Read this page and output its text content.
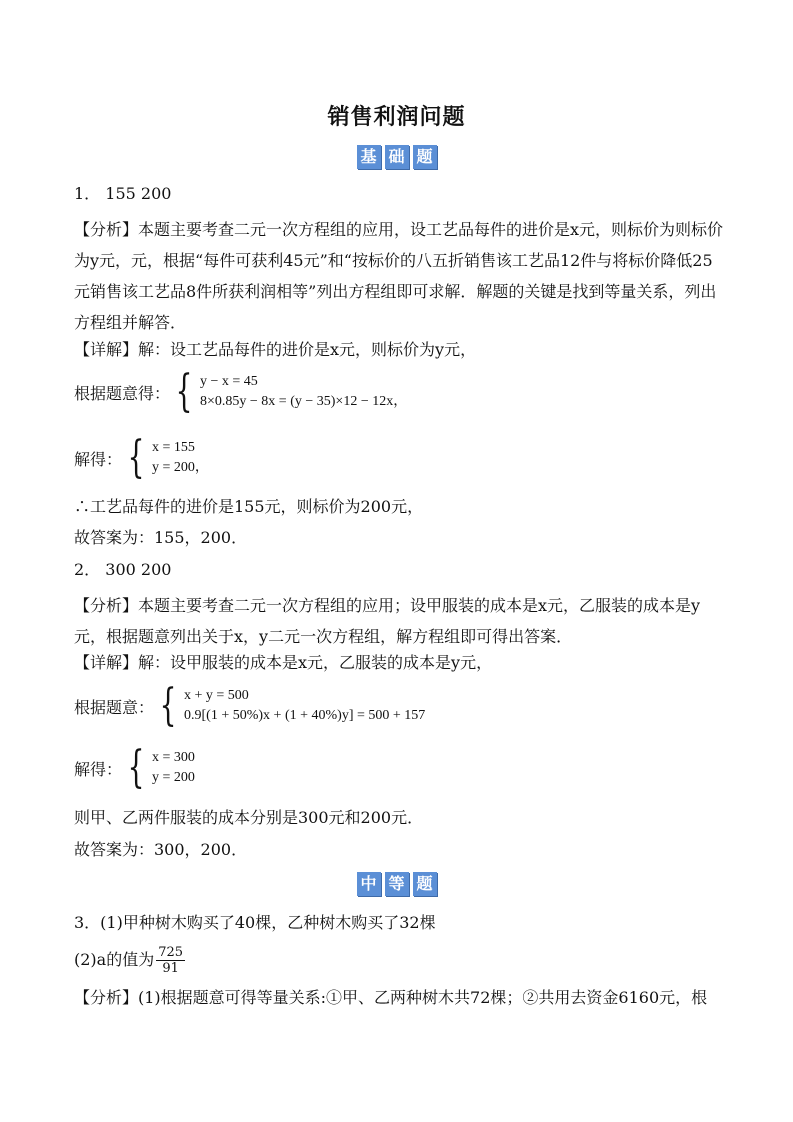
销售利润问题
基 础 题
1． 155 200
【分析】本题主要考查二元一次方程组的应用，设工艺品每件的进价是x元，则标价为则标价为y元，元，根据“每件可获利45元”和“按标价的八五折销售该工艺品12件与将标价降低25元销售该工艺品8件所获利润相等”列出方程组即可求解．解题的关键是找到等量关系，列出方程组并解答．
【详解】解：设工艺品每件的进价是x元，则标价为y元，
根据题意得： { y − x = 45
8×0.85y − 8x = (y − 35)×12 − 12x，
解得： { x = 155
y = 200，
∴工艺品每件的进价是155元，则标价为200元，
故答案为：155，200．
2． 300 200
【分析】本题主要考查二元一次方程组的应用；设甲服装的成本是x元，乙服装的成本是y元，根据题意列出关于x，y二元一次方程组，解方程组即可得出答案．
【详解】解：设甲服装的成本是x元，乙服装的成本是y元，
根据题意： { x + y = 500
0.9[(1 + 50%)x + (1 + 40%)y] = 500 + 157
解得： { x = 300
y = 200
则甲、乙两件服装的成本分别是300元和200元．
故答案为：300，200．
中 等 题
3．(1)甲种树木购买了40棵，乙种树木购买了32棵
(2)a的值为 $\frac{725}{91}$
【分析】(1)根据题意可得等量关系:①甲、乙两种树木共72棵；②共用去资金6160元，根
